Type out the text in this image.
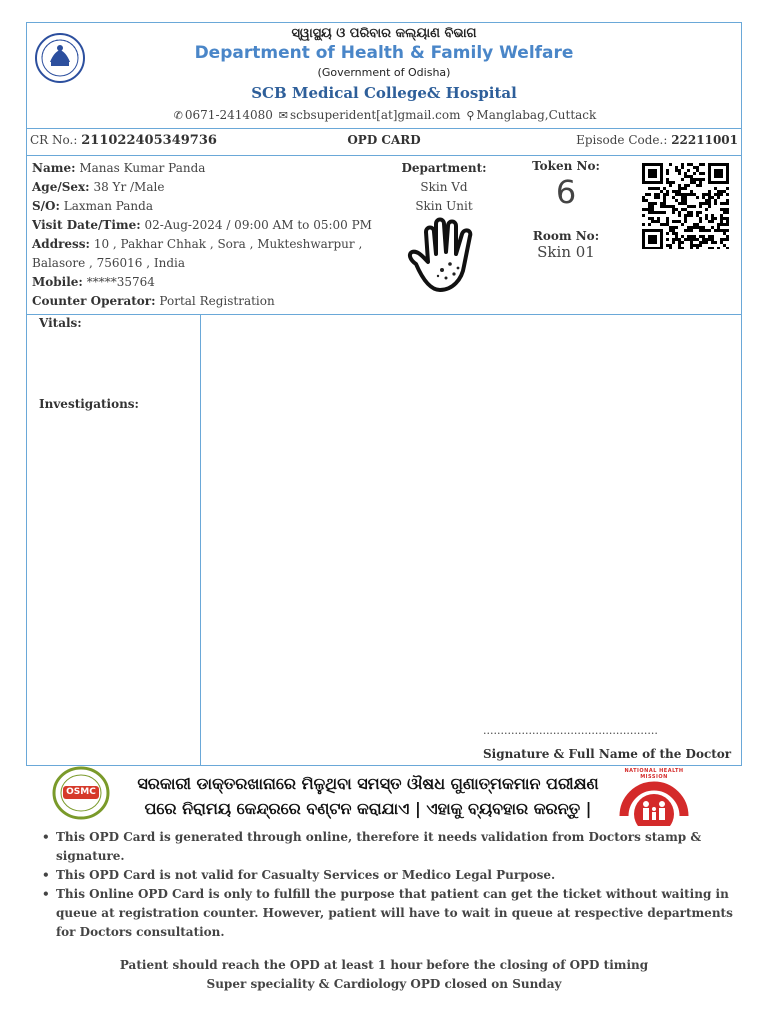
ସ୍ୱାସ୍ଥ୍ୟ ଓ ପରିବାର କଲ୍ୟାଣ ବିଭାଗ
Department of Health & Family Welfare
(Government of Odisha)
SCB Medical College& Hospital
✆ 0671-2414080 ✉ scbsuperident[at]gmail.com ⚲ Manglabag,Cuttack
CR No.: 211022405349736	OPD CARD	Episode Code.: 22211001
Name: Manas Kumar Panda
Age/Sex: 38 Yr /Male
S/O: Laxman Panda
Visit Date/Time: 02-Aug-2024 / 09:00 AM to 05:00 PM
Address: 10 , Pakhar Chhak , Sora , Mukteshwarpur ,
Balasore , 756016 , India
Mobile: *****35764
Counter Operator: Portal Registration
Department:
Skin Vd
Skin Unit
Token No:
6
Room No:
Skin 01
Vitals:
Investigations:
..................................................
Signature & Full Name of the Doctor
OSMC	ସରକାରୀ ଡାକ୍ତରଖାନାରେ ମିଳୁଥିବା ସମସ୍ତ ଔଷଧ ଗୁଣାତ୍ମକମାନ ପରୀକ୍ଷଣ
ପରେ ନିରାମୟ କେନ୍ଦ୍ରରେ ବଣ୍ଟନ କରାଯାଏ | ଏହାକୁ ବ୍ୟବହାର କରନ୍ତୁ |
NATIONAL HEALTH MISSION
• This OPD Card is generated through online, therefore it needs validation from Doctors stamp & signature.
• This OPD Card is not valid for Casualty Services or Medico Legal Purpose.
• This Online OPD Card is only to fulfill the purpose that patient can get the ticket without waiting in queue at registration counter. However, patient will have to wait in queue at respective departments for Doctors consultation.
Patient should reach the OPD at least 1 hour before the closing of OPD timing
Super speciality & Cardiology OPD closed on Sunday
